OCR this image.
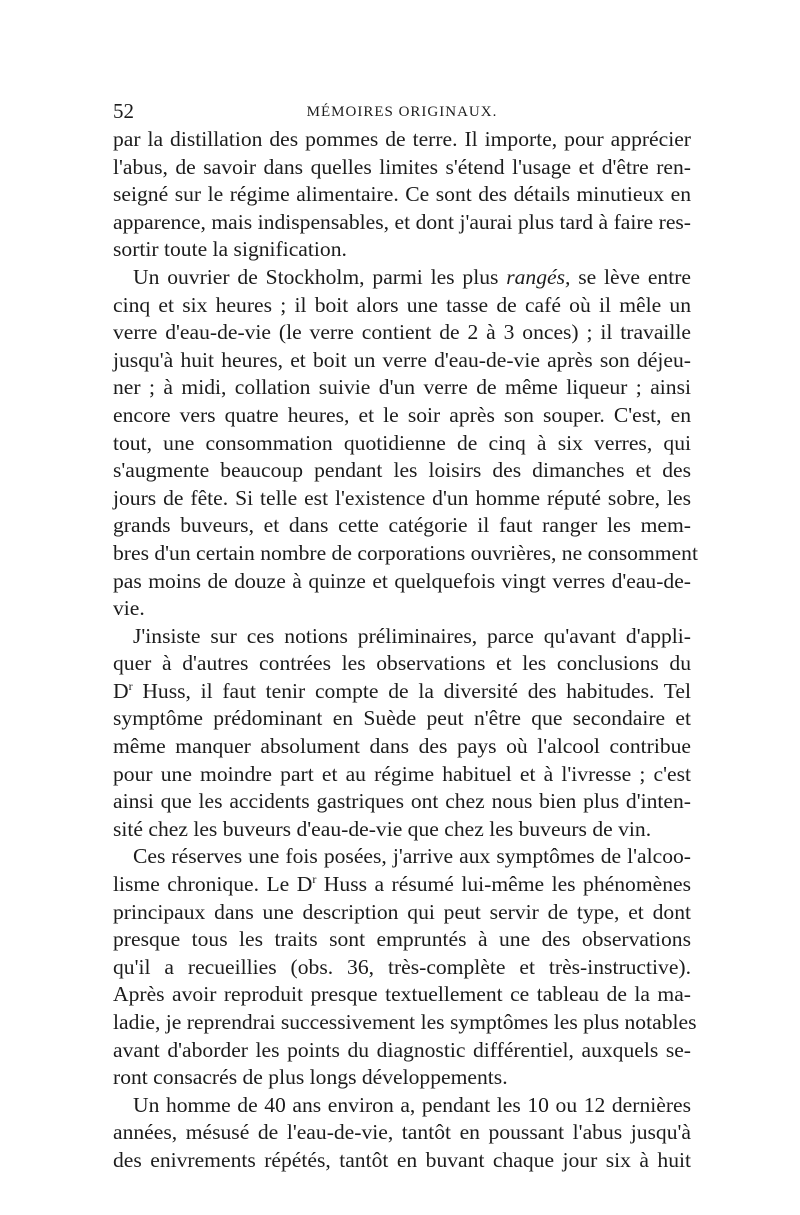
52	MÉMOIRES ORIGINAUX.
par la distillation des pommes de terre. Il importe, pour apprécier
l'abus, de savoir dans quelles limites s'étend l'usage et d'être ren-
seigné sur le régime alimentaire. Ce sont des détails minutieux en
apparence, mais indispensables, et dont j'aurai plus tard à faire res-
sortir toute la signification.
Un ouvrier de Stockholm, parmi les plus rangés, se lève entre
cinq et six heures ; il boit alors une tasse de café où il mêle un
verre d'eau-de-vie (le verre contient de 2 à 3 onces) ; il travaille
jusqu'à huit heures, et boit un verre d'eau-de-vie après son déjeu-
ner ; à midi, collation suivie d'un verre de même liqueur ; ainsi
encore vers quatre heures, et le soir après son souper. C'est, en
tout, une consommation quotidienne de cinq à six verres, qui
s'augmente beaucoup pendant les loisirs des dimanches et des
jours de fête. Si telle est l'existence d'un homme réputé sobre, les
grands buveurs, et dans cette catégorie il faut ranger les mem-
bres d'un certain nombre de corporations ouvrières, ne consomment
pas moins de douze à quinze et quelquefois vingt verres d'eau-de-
vie.
J'insiste sur ces notions préliminaires, parce qu'avant d'appli-
quer à d'autres contrées les observations et les conclusions du
$D^r$ Huss, il faut tenir compte de la diversité des habitudes. Tel
symptôme prédominant en Suède peut n'être que secondaire et
même manquer absolument dans des pays où l'alcool contribue
pour une moindre part et au régime habituel et à l'ivresse ; c'est
ainsi que les accidents gastriques ont chez nous bien plus d'inten-
sité chez les buveurs d'eau-de-vie que chez les buveurs de vin.
Ces réserves une fois posées, j'arrive aux symptômes de l'alcoo-
lisme chronique. Le $D^r$ Huss a résumé lui-même les phénomènes
principaux dans une description qui peut servir de type, et dont
presque tous les traits sont empruntés à une des observations
qu'il a recueillies (obs. 36, très-complète et très-instructive).
Après avoir reproduit presque textuellement ce tableau de la ma-
ladie, je reprendrai successivement les symptômes les plus notables
avant d'aborder les points du diagnostic différentiel, auxquels se-
ront consacrés de plus longs développements.
Un homme de 40 ans environ a, pendant les 10 ou 12 dernières
années, mésusé de l'eau-de-vie, tantôt en poussant l'abus jusqu'à
des enivrements répétés, tantôt en buvant chaque jour six à huit
